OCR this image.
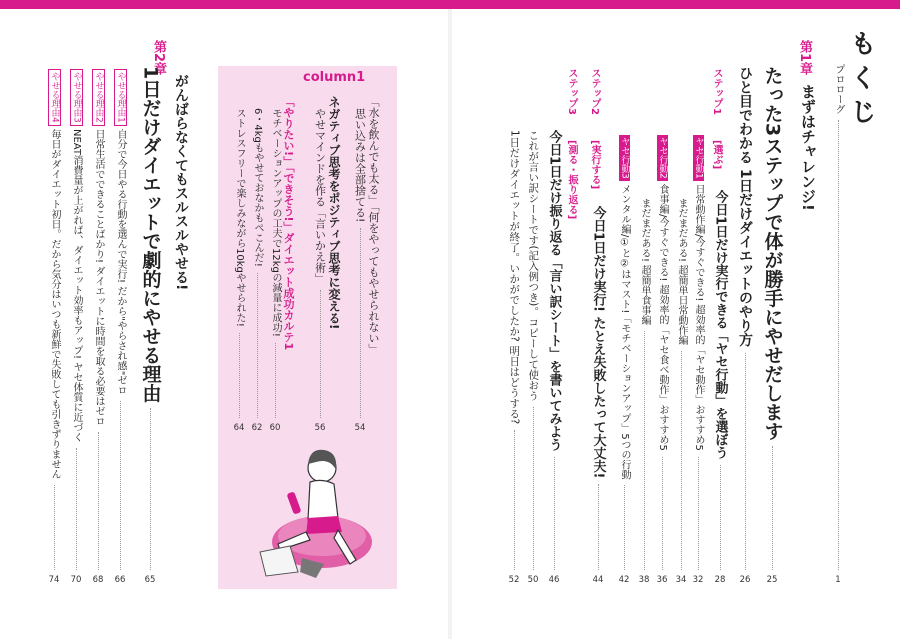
もくじ
プロローグ
1
第1章
まずはチャレンジ!
たった3ステップで体が勝手にやせだします
25
ひと目でわかる 1日だけダイエットのやり方
26
ステップ1
[選ぶ]
今日1日だけ実行できる「ヤセ行動」を選ぼう
28
ヤセ行動1
日常動作編/今すぐできる! 超効率的「ヤセ動作」おすすめ5
32
まだまだある! 超簡単日常動作編
34
ヤセ行動2
食事編/今すぐできる! 超効率的「ヤセ食べ動作」おすすめ5
36
まだまだある! 超簡単食事編
38
ヤセ行動3
メンタル編/①と②はマスト!「モチベーションアップ」5つの行動
42
ステップ2
[実行する]
今日1日だけ実行! たとえ失敗したって大丈夫!
44
ステップ3
[測る・振り返る]
今日1日だけ振り返る「言い訳シート」を書いてみよう
46
これが言い訳シートです(記入例つき)。コピーして使おう
50
1日だけダイエットが終了。いかがでしたか? 明日はどうする?
52
第2章
がんばらなくてもスルスルやせる!
1日だけダイエットで劇的にやせる理由
65
やせる理由1
自分で今日やる行動を選んで実行! だから"やらされ感"ゼロ
66
やせる理由2
日常生活でできることばかり! ダイエットに時間を取る必要はゼロ
68
やせる理由3
NEAT消費量が上がれば、ダイエット効率もアップ! ヤセ体質に近づく
70
やせる理由4
毎日がダイエット初日。だから気分はいつも新鮮で失敗しても引きずりません
74
column1
「水を飲んでも太る」「何をやってもやせられない」
思い込みは全部捨てる!
54
ネガティブ思考をポジティブ思考に変える!
やせマインドを作る「言いかえ術」
56
「やりたい!」「できそう!」ダイエット成功カルテ1
モチベーションアップの工夫で12kgの減量に成功!
60
6・4kgもやせておなかもぺこんだ!
62
ストレスフリーで楽しみながら10kgやせられた!
64
